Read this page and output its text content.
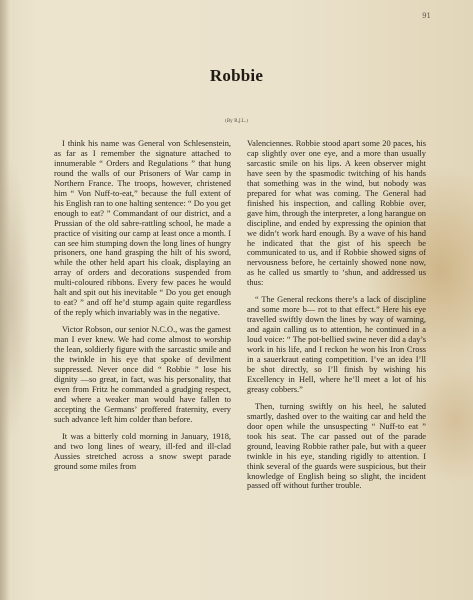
91
Robbie
(By R.J.L.)

I think his name was General von Schlesenstein, as far as I remember the signature attached to innumerable “ Orders and Regulations ” that hung round the walls of our Prisoners of War camp in Northern France. The troops, however, christened him “ Von Nuff-to-eat,” because the full extent of his English ran to one halting sentence: “ Do you get enough to eat? ” Commandant of our district, and a Prussian of the old sabre-rattling school, he made a practice of visiting our camp at least once a month. I can see him stumping down the long lines of hungry prisoners, one hand grasping the hilt of his sword, while the other held apart his cloak, displaying an array of orders and decorations suspended from multi-coloured ribbons. Every few paces he would halt and spit out his inevitable “ Do you get enough to eat? ” and off he’d stump again quite regardless of the reply which invariably was in the negative.

Victor Robson, our senior N.C.O., was the gamest man I ever knew. We had come almost to worship the lean, soldierly figure with the sarcastic smile and the twinkle in his eye that spoke of devilment suppressed. Never once did “ Robbie ” lose his dignity —so great, in fact, was his personality, that even from Fritz he commanded a grudging respect, and where a weaker man would have fallen to accepting the Germans’ proffered fraternity, every such advance left him colder than before.

It was a bitterly cold morning in January, 1918, and two long lines of weary, ill-fed and ill-clad Aussies stretched across a snow swept parade ground some miles from

Valenciennes. Robbie stood apart some 20 paces, his cap slightly over one eye, and a more than usually sarcastic smile on his lips. A keen observer might have seen by the spasmodic twitching of his hands that something was in the wind, but nobody was prepared for what was coming. The General had finished his inspection, and calling Robbie over, gave him, through the interpreter, a long harangue on discipline, and ended by expressing the opinion that we didn’t work hard enough. By a wave of his hand he indicated that the gist of his speech be communicated to us, and if Robbie showed signs of nervousness before, he certainly showed none now, as he called us smartly to ‘shun, and addressed us thus:

“ The General reckons there’s a lack of discipline and some more b— rot to that effect.” Here his eye travelled swiftly down the lines by way of warning, and again calling us to attention, he continued in a loud voice: “ The pot-bellied swine never did a day’s work in his life, and I reckon he won his Iron Cross in a sauerkraut eating competition. I’ve an idea I’ll be shot directly, so I’ll finish by wishing his Excellency in Hell, where he’ll meet a lot of his greasy cobbers.”

Then, turning swiftly on his heel, he saluted smartly, dashed over to the waiting car and held the door open while the unsuspecting “ Nuff-to eat ” took his seat. The car passed out of the parade ground, leaving Robbie rather pale, but with a queer twinkle in his eye, standing rigidly to attention. I think several of the guards were suspicious, but their knowledge of English being so slight, the incident passed off without further trouble.
